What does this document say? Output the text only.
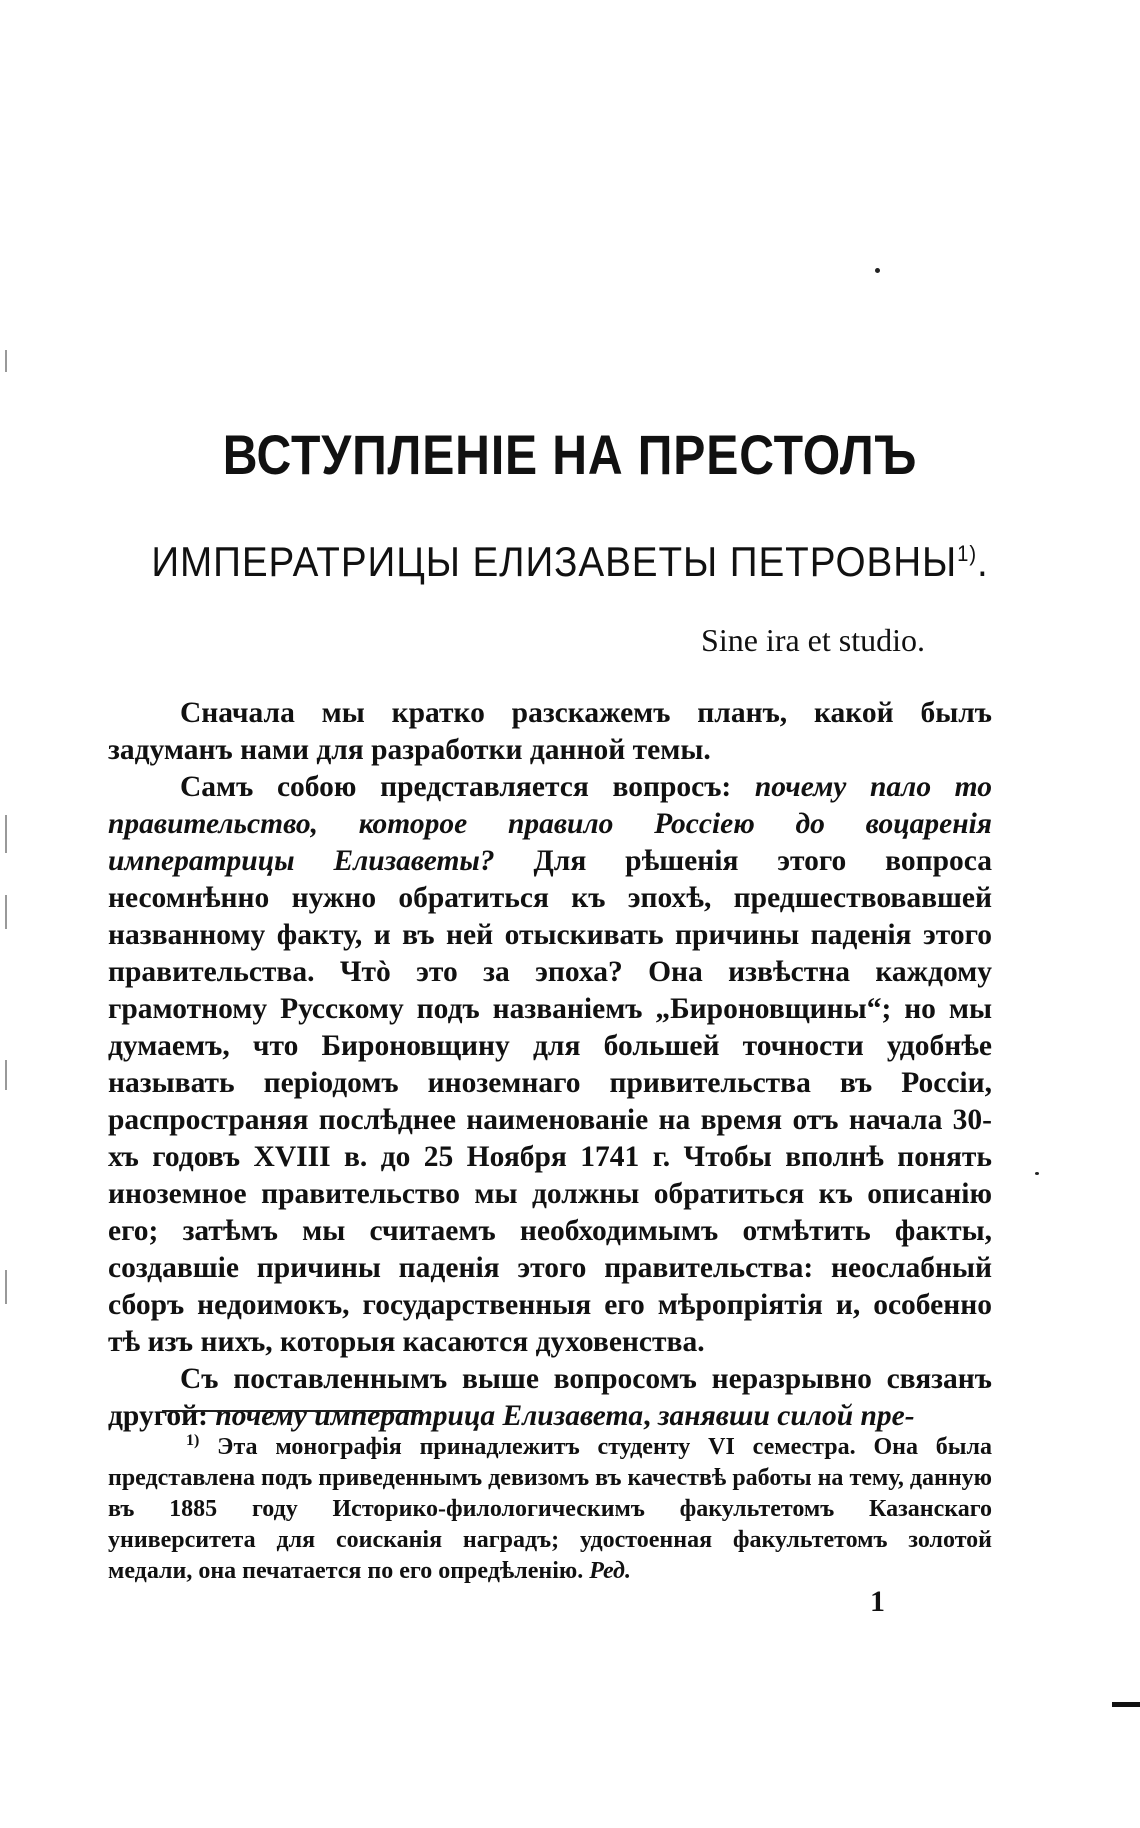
ВСТУПЛЕНІЕ НА ПРЕСТОЛЪ
ИМПЕРАТРИЦЫ ЕЛИЗАВЕТЫ ПЕТРОВНЫ$^{1)}$.
Sine ira et studio.

Сначала мы кратко разскажемъ планъ, какой былъ задуманъ нами для разработки данной темы.

Самъ собою представляется вопросъ: почему пало то правительство, которое правило Россіею до воцаренія императрицы Елизаветы? Для рѣшенія этого вопроса несомнѣнно нужно обратиться къ эпохѣ, предшествовавшей названному факту, и въ ней отыскивать причины паденія этого правительства. Чтò это за эпоха? Она извѣстна каждому грамотному Русскому подъ названіемъ „Бироновщины“; но мы думаемъ, что Бироновщину для большей точности удобнѣе называть періодомъ иноземнаго привительства въ Россіи, распространяя послѣднее наименованіе на время отъ начала 30-хъ годовъ XVIII в. до 25 Ноября 1741 г. Чтобы вполнѣ понять иноземное правительство мы должны обратиться къ описанію его; затѣмъ мы считаемъ необходимымъ отмѣтить факты, создавшіе причины паденія этого правительства: неослабный сборъ недоимокъ, государственныя его мѣропріятія и, особенно тѣ изъ нихъ, которыя касаются духовенства.

Съ поставленнымъ выше вопросомъ неразрывно связанъ другой: почему императрица Елизавета, занявши силой пре-

$^{1)}$ Эта монографія принадлежитъ студенту VI семестра. Она была представлена подъ приведеннымъ девизомъ въ качествѣ работы на тему, данную въ 1885 году Историко-филологическимъ факультетомъ Казанскаго университета для соисканія наградъ; удостоенная факультетомъ золотой медали, она печатается по его опредѣленію. Ред.

1
